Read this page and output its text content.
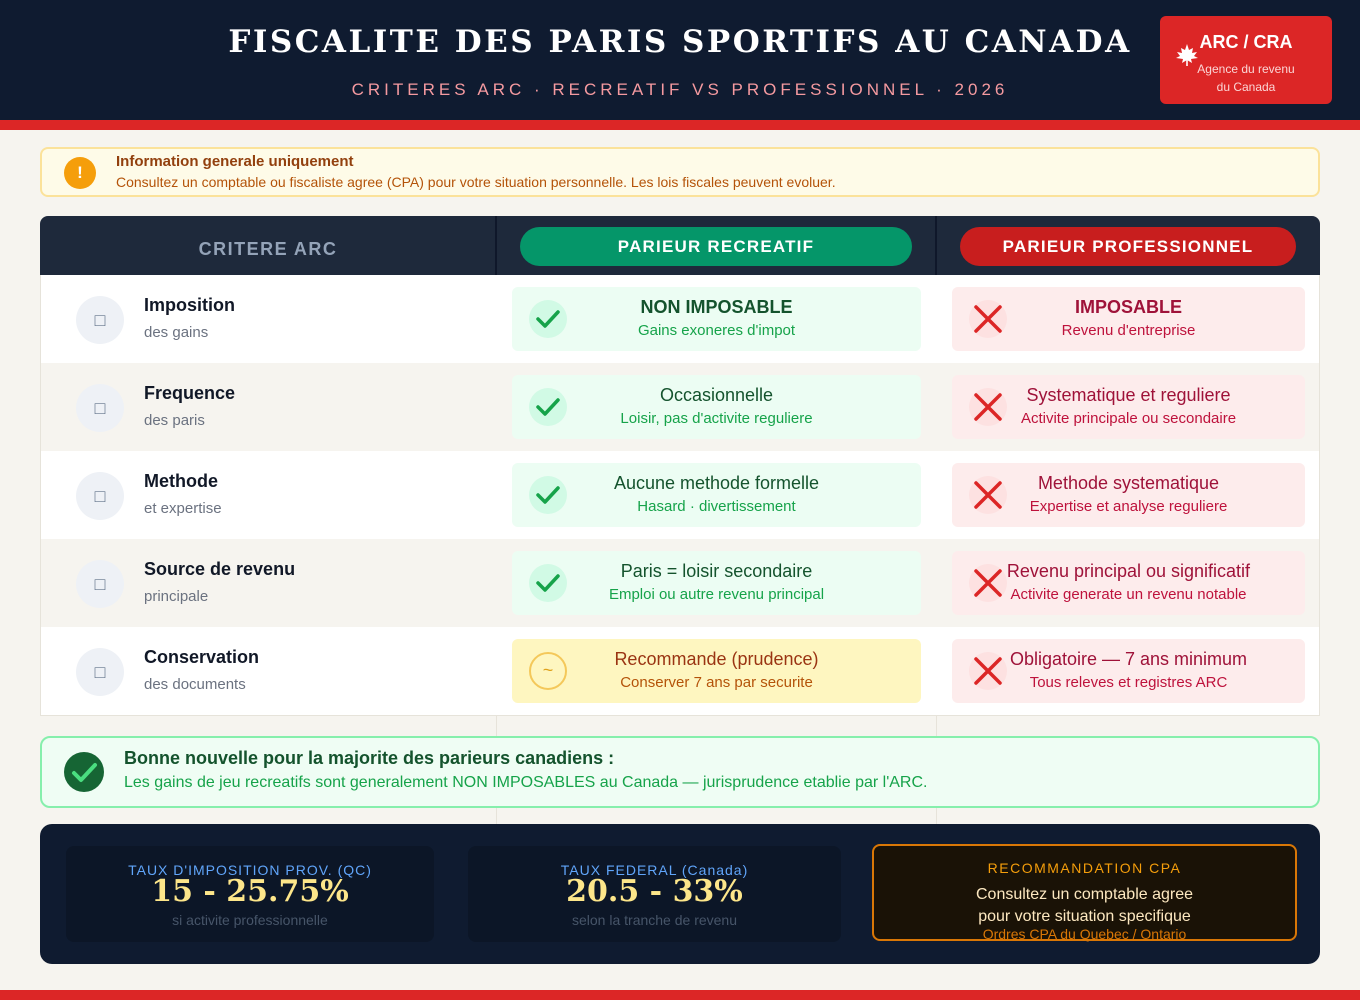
FISCALITE DES PARIS SPORTIFS AU CANADA
CRITERES ARC · RECREATIF VS PROFESSIONNEL · 2026
ARC / CRA
Agence du revenu
du Canada
!
Information generale uniquement
Consultez un comptable ou fiscaliste agree (CPA) pour votre situation personnelle. Les lois fiscales peuvent evoluer.
CRITERE ARC	PARIEUR RECREATIF	PARIEUR PROFESSIONNEL
□
Imposition
des gains
NON IMPOSABLE
Gains exoneres d'impot
IMPOSABLE
Revenu d'entreprise
□
Frequence
des paris
Occasionnelle
Loisir, pas d'activite reguliere
Systematique et reguliere
Activite principale ou secondaire
□
Methode
et expertise
Aucune methode formelle
Hasard · divertissement
Methode systematique
Expertise et analyse reguliere
□
Source de revenu
principale
Paris = loisir secondaire
Emploi ou autre revenu principal
Revenu principal ou significatif
Activite generate un revenu notable
□
Conservation
des documents
~
Recommande (prudence)
Conserver 7 ans par securite
Obligatoire — 7 ans minimum
Tous releves et registres ARC
Bonne nouvelle pour la majorite des parieurs canadiens :
Les gains de jeu recreatifs sont generalement NON IMPOSABLES au Canada — jurisprudence etablie par l'ARC.
TAUX D'IMPOSITION PROV. (QC)
15 - 25.75%
si activite professionnelle
TAUX FEDERAL (Canada)
20.5 - 33%
selon la tranche de revenu
RECOMMANDATION CPA
Consultez un comptable agree
pour votre situation specifique
Ordres CPA du Quebec / Ontario
